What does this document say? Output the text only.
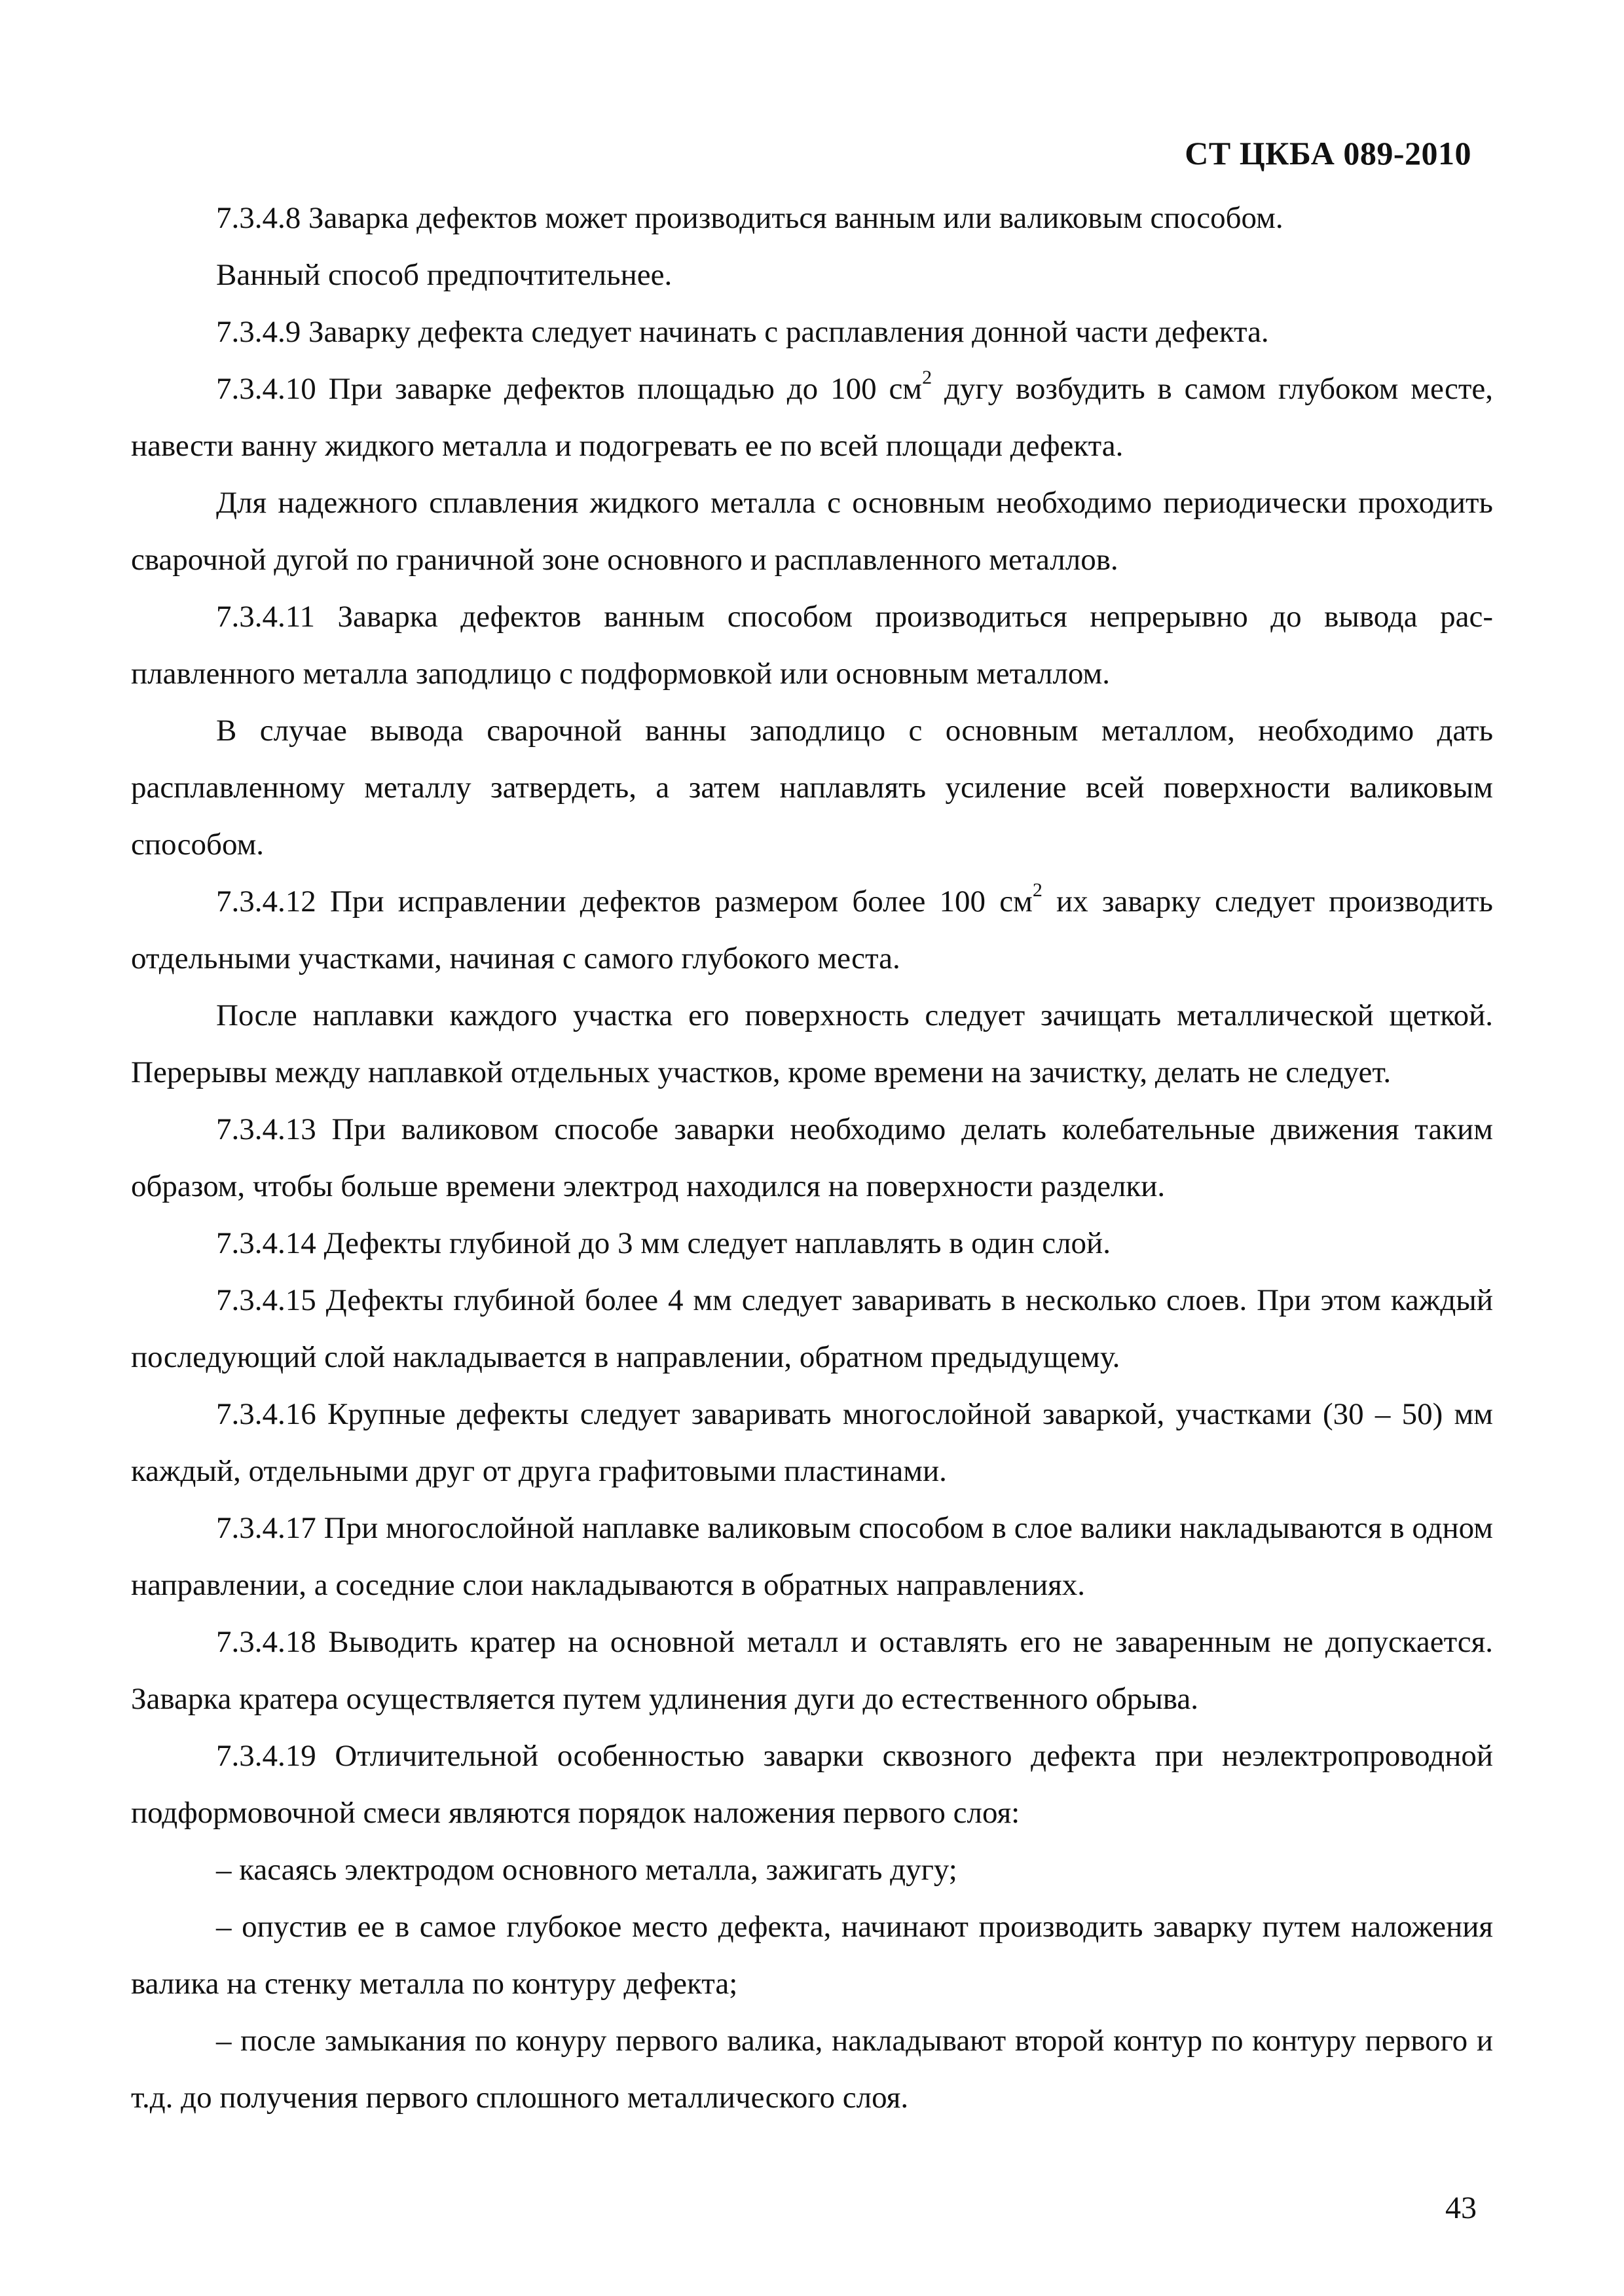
СТ ЦКБА 089-2010

7.3.4.8 Заварка дефектов может производиться ванным или валиковым способом.

Ванный способ предпочтительнее.

7.3.4.9 Заварку дефекта следует начинать с расплавления донной части дефекта.

7.3.4.10 При заварке дефектов площадью до 100 $см^2$ дугу возбудить в самом глубоком месте, навести ванну жидкого металла и подогревать ее по всей площади дефекта.

Для надежного сплавления жидкого металла с основным необходимо периодически проходить сварочной дугой по граничной зоне основного и расплавленного металлов.

7.3.4.11 Заварка дефектов ванным способом производиться непрерывно до вывода расплавленного металла заподлицо с подформовкой или основным металлом.

В случае вывода сварочной ванны заподлицо с основным металлом, необходимо дать расплавленному металлу затвердеть, а затем наплавлять усиление всей поверхности валиковым способом.

7.3.4.12 При исправлении дефектов размером более 100 $см^2$ их заварку следует производить отдельными участками, начиная с самого глубокого места.

После наплавки каждого участка его поверхность следует зачищать металлической щеткой. Перерывы между наплавкой отдельных участков, кроме времени на зачистку, делать не следует.

7.3.4.13 При валиковом способе заварки необходимо делать колебательные движения таким образом, чтобы больше времени электрод находился на поверхности разделки.

7.3.4.14 Дефекты глубиной до 3 мм следует наплавлять в один слой.

7.3.4.15 Дефекты глубиной более 4 мм следует заваривать в несколько слоев. При этом каждый последующий слой накладывается в направлении, обратном предыдущему.

7.3.4.16 Крупные дефекты следует заваривать многослойной заваркой, участками (30 – 50) мм каждый, отдельными друг от друга графитовыми пластинами.

7.3.4.17 При многослойной наплавке валиковым способом в слое валики накладываются в одном направлении, а соседние слои накладываются в обратных направлениях.

7.3.4.18 Выводить кратер на основной металл и оставлять его не заваренным не допускается. Заварка кратера осуществляется путем удлинения дуги до естественного обрыва.

7.3.4.19 Отличительной особенностью заварки сквозного дефекта при неэлектропроводной подформовочной смеси являются порядок наложения первого слоя:

– касаясь электродом основного металла, зажигать дугу;

– опустив ее в самое глубокое место дефекта, начинают производить заварку путем наложения валика на стенку металла по контуру дефекта;

– после замыкания по конуру первого валика, накладывают второй контур по контуру первого и т.д. до получения первого сплошного металлического слоя.

43
